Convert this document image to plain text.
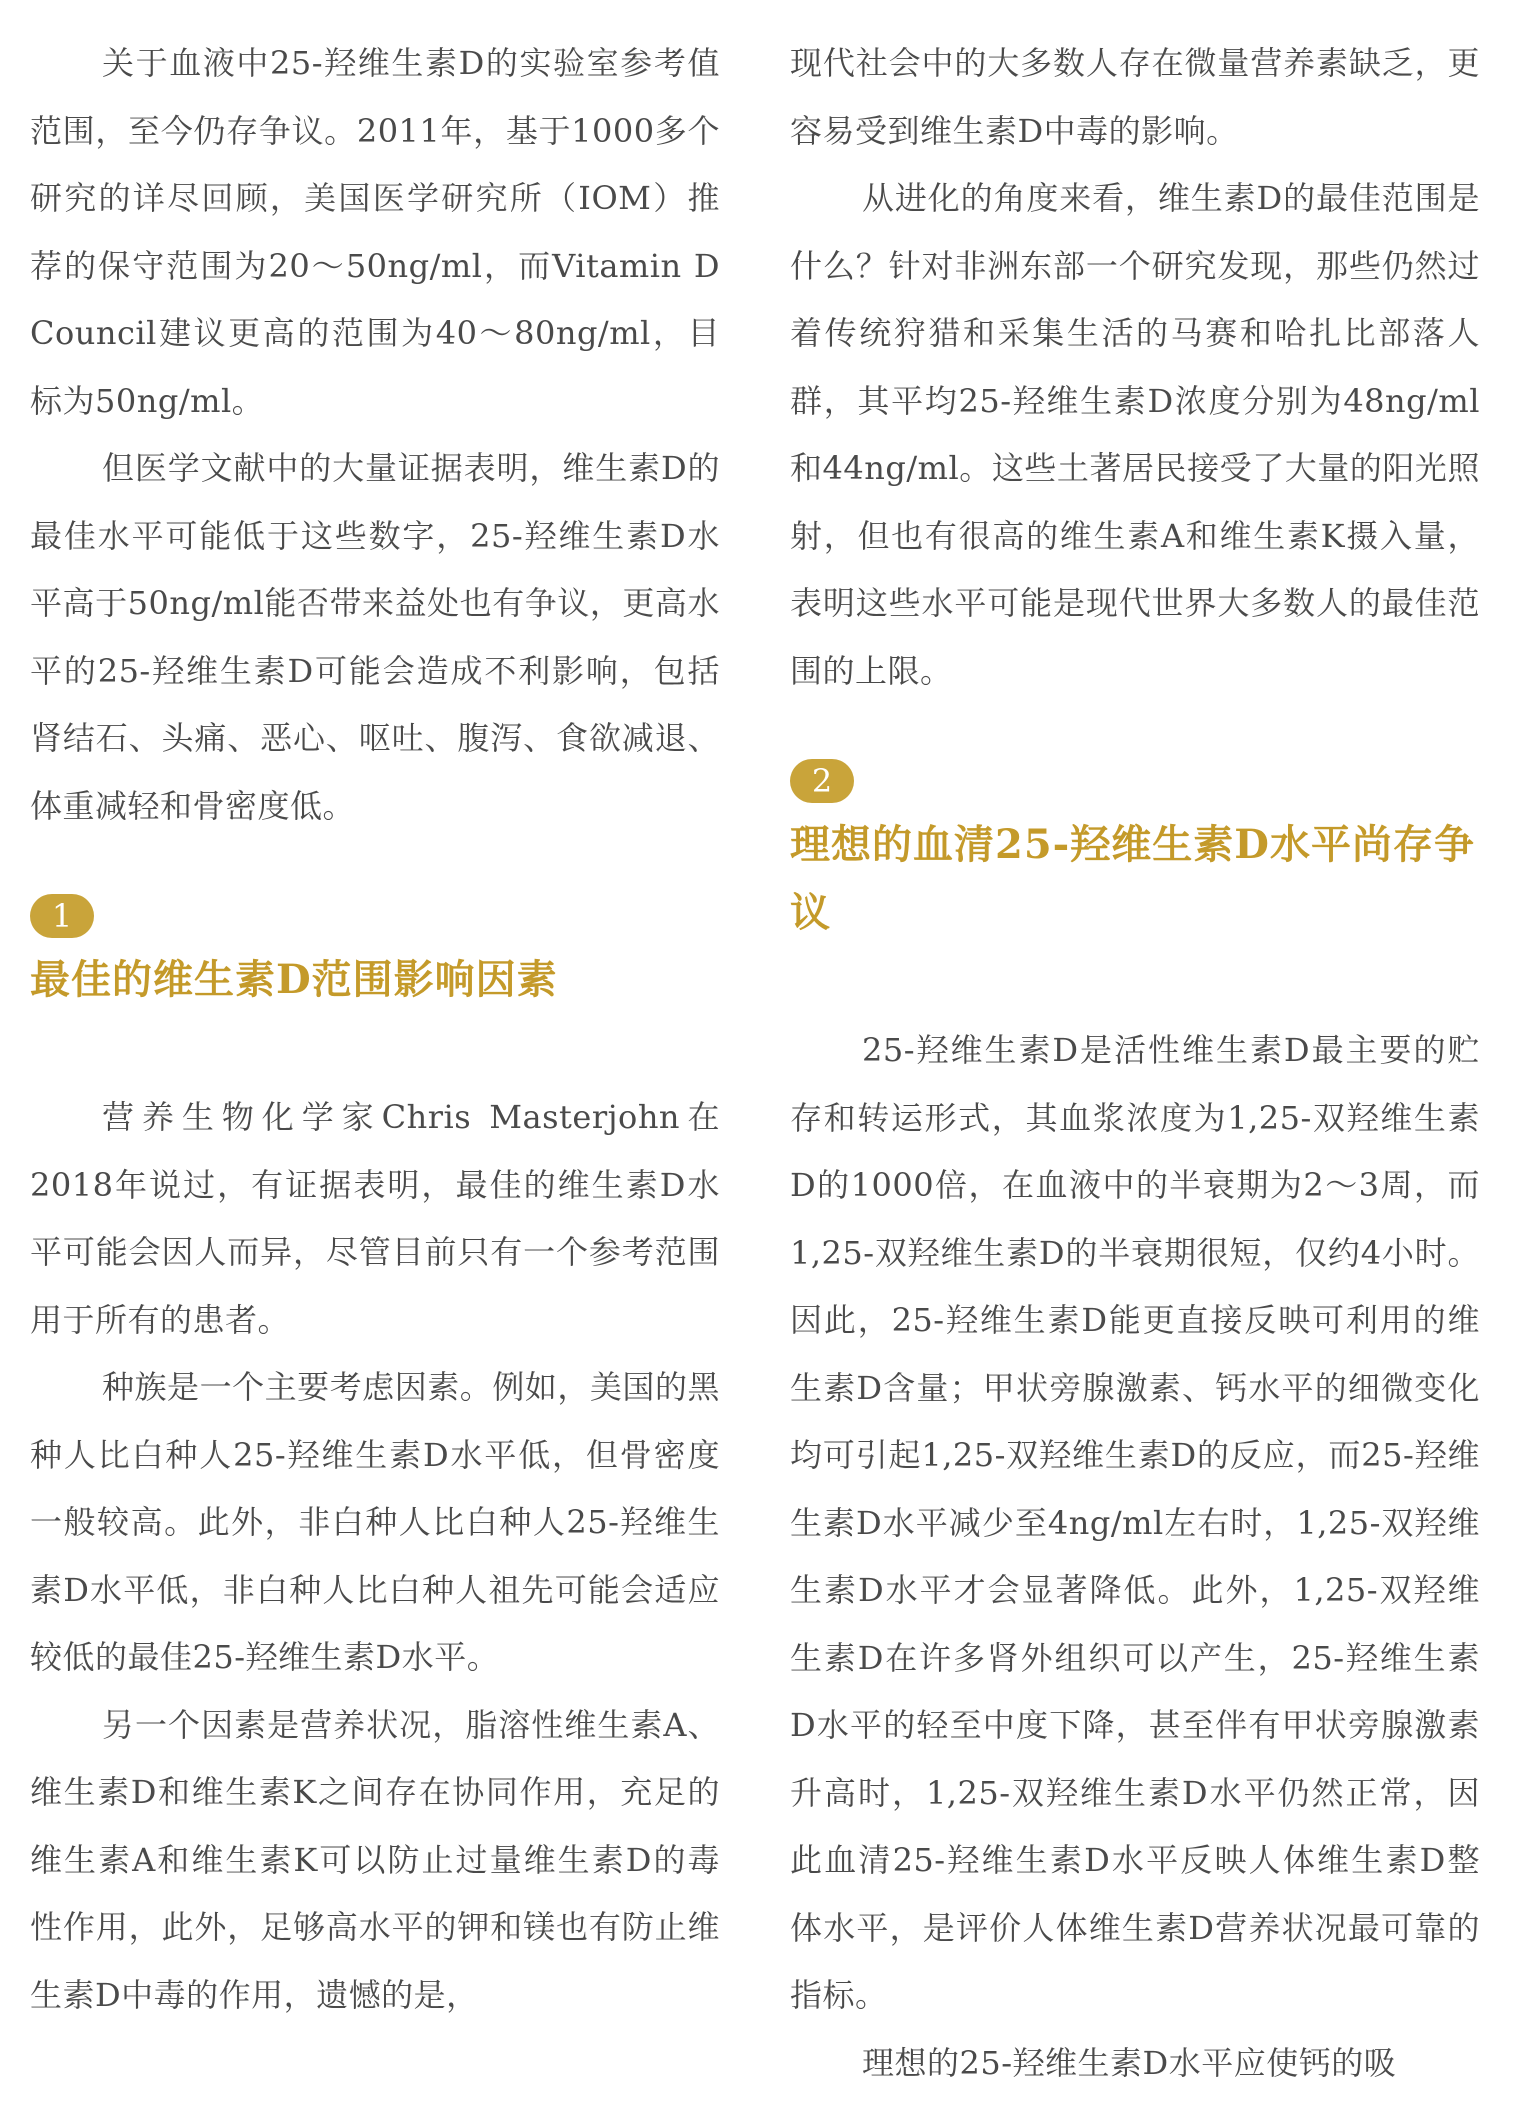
关于血液中25-羟维生素D的实验室参考值范围，至今仍存争议。2011年，基于1000多个研究的详尽回顾，美国医学研究所（IOM）推荐的保守范围为20～50ng/ml，而Vitamin D Council建议更高的范围为40～80ng/ml，目标为50ng/ml。

但医学文献中的大量证据表明，维生素D的最佳水平可能低于这些数字，25-羟维生素D水平高于50ng/ml能否带来益处也有争议，更高水平的25-羟维生素D可能会造成不利影响，包括肾结石、头痛、恶心、呕吐、腹泻、食欲减退、体重减轻和骨密度低。

1
最佳的维生素D范围影响因素

营养生物化学家Chris Masterjohn在2018年说过，有证据表明，最佳的维生素D水平可能会因人而异，尽管目前只有一个参考范围用于所有的患者。

种族是一个主要考虑因素。例如，美国的黑种人比白种人25-羟维生素D水平低，但骨密度一般较高。此外，非白种人比白种人25-羟维生素D水平低，非白种人比白种人祖先可能会适应较低的最佳25-羟维生素D水平。

另一个因素是营养状况，脂溶性维生素A、维生素D和维生素K之间存在协同作用，充足的维生素A和维生素K可以防止过量维生素D的毒性作用，此外，足够高水平的钾和镁也有防止维生素D中毒的作用，遗憾的是，

现代社会中的大多数人存在微量营养素缺乏，更容易受到维生素D中毒的影响。

从进化的角度来看，维生素D的最佳范围是什么？针对非洲东部一个研究发现，那些仍然过着传统狩猎和采集生活的马赛和哈扎比部落人群，其平均25-羟维生素D浓度分别为48ng/ml和44ng/ml。这些土著居民接受了大量的阳光照射，但也有很高的维生素A和维生素K摄入量，表明这些水平可能是现代世界大多数人的最佳范围的上限。

2
理想的血清25-羟维生素D水平尚存争议

25-羟维生素D是活性维生素D最主要的贮存和转运形式，其血浆浓度为1,25-双羟维生素D的1000倍，在血液中的半衰期为2～3周，而1,25-双羟维生素D的半衰期很短，仅约4小时。因此，25-羟维生素D能更直接反映可利用的维生素D含量；甲状旁腺激素、钙水平的细微变化均可引起1,25-双羟维生素D的反应，而25-羟维生素D水平减少至4ng/ml左右时，1,25-双羟维生素D水平才会显著降低。此外，1,25-双羟维生素D在许多肾外组织可以产生，25-羟维生素D水平的轻至中度下降，甚至伴有甲状旁腺激素升高时，1,25-双羟维生素D水平仍然正常，因此血清25-羟维生素D水平反映人体维生素D整体水平，是评价人体维生素D营养状况最可靠的指标。

理想的25-羟维生素D水平应使钙的吸
